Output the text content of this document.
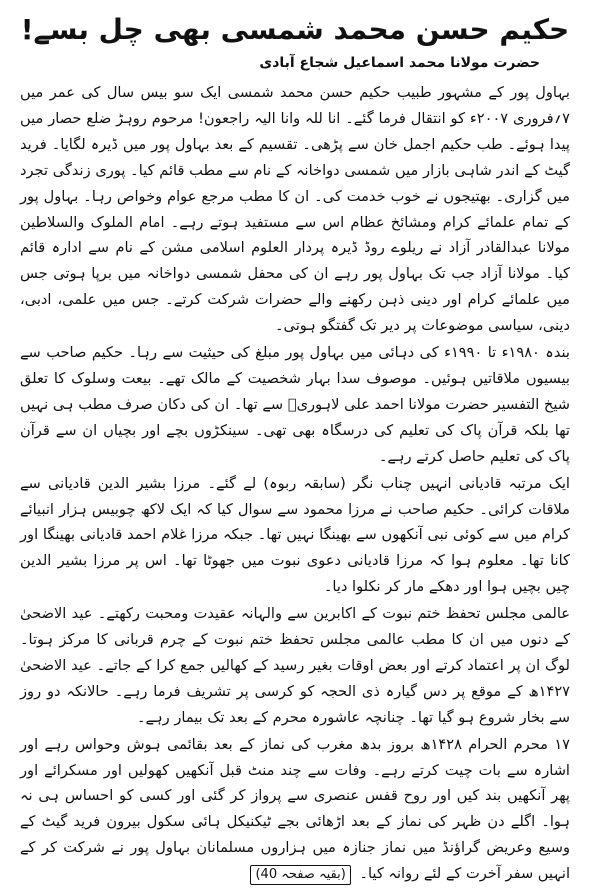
حکیم حسن محمد شمسی بھی چل بسے!
حضرت مولانا محمد اسماعیل شجاع آبادی

بہاول پور کے مشہور طبیب حکیم حسن محمد شمسی ایک سو بیس سال کی عمر میں ۷؍فروری ۲۰۰۷ء کو انتقال فرما گئے۔ انا للہ وانا الیہ راجعون! مرحوم روہڑ ضلع حصار میں پیدا ہوئے۔ طب حکیم اجمل خان سے پڑھی۔ تقسیم کے بعد بہاول پور میں ڈیرہ لگایا۔ فرید گیٹ کے اندر شاہی بازار میں شمسی دواخانہ کے نام سے مطب قائم کیا۔ پوری زندگی تجرد میں گزاری۔ بھتیجوں نے خوب خدمت کی۔ ان کا مطب مرجع عوام وخواص رہا۔ بہاول پور کے تمام علمائے کرام ومشائخ عظام اس سے مستفید ہوتے رہے۔ امام الملوک والسلاطین مولانا عبدالقادر آزاد نے ریلوے روڈ ڈیرہ پردار العلوم اسلامی مشن کے نام سے ادارہ قائم کیا۔ مولانا آزاد جب تک بہاول پور رہے ان کی محفل شمسی دواخانہ میں برپا ہوتی جس میں علمائے کرام اور دینی ذہن رکھنے والے حضرات شرکت کرتے۔ جس میں علمی، ادبی، دینی، سیاسی موضوعات پر دیر تک گفتگو ہوتی۔

بندہ ۱۹۸۰ء تا ۱۹۹۰ء کی دہائی میں بہاول پور مبلغ کی حیثیت سے رہا۔ حکیم صاحب سے بیسیوں ملاقاتیں ہوئیں۔ موصوف سدا بہار شخصیت کے مالک تھے۔ بیعت وسلوک کا تعلق شیخ التفسیر حضرت مولانا احمد علی لاہوریؒ سے تھا۔ ان کی دکان صرف مطب ہی نہیں تھا بلکہ قرآن پاک کی تعلیم کی درسگاہ بھی تھی۔ سینکڑوں بچے اور بچیاں ان سے قرآن پاک کی تعلیم حاصل کرتے رہے۔

ایک مرتبہ قادیانی انہیں چناب نگر (سابقہ ربوہ) لے گئے۔ مرزا بشیر الدین قادیانی سے ملاقات کرائی۔ حکیم صاحب نے مرزا محمود سے سوال کیا کہ ایک لاکھ چوبیس ہزار انبیائے کرام میں سے کوئی نبی آنکھوں سے بھینگا نہیں تھا۔ جبکہ مرزا غلام احمد قادیانی بھینگا اور کانا تھا۔ معلوم ہوا کہ مرزا قادیانی دعوی نبوت میں جھوٹا تھا۔ اس پر مرزا بشیر الدین چیں بچیں ہوا اور دھکے مار کر نکلوا دیا۔

عالمی مجلس تحفظ ختم نبوت کے اکابرین سے والہانہ عقیدت ومحبت رکھتے۔ عید الاضحیٰ کے دنوں میں ان کا مطب عالمی مجلس تحفظ ختم نبوت کے چرم قربانی کا مرکز ہوتا۔ لوگ ان پر اعتماد کرتے اور بعض اوقات بغیر رسید کے کھالیں جمع کرا کے جاتے۔ عید الاضحیٰ ۱۴۲۷ھ کے موقع پر دس گیارہ ذی الحجہ کو کرسی پر تشریف فرما رہے۔ حالانکہ دو روز سے بخار شروع ہو گیا تھا۔ چنانچہ عاشورہ محرم کے بعد تک بیمار رہے۔

۱۷ محرم الحرام ۱۴۲۸ھ بروز بدھ مغرب کی نماز کے بعد بقائمی ہوش وحواس رہے اور اشارہ سے بات چیت کرتے رہے۔ وفات سے چند منٹ قبل آنکھیں کھولیں اور مسکرائے اور پھر آنکھیں بند کیں اور روح قفس عنصری سے پرواز کر گئی اور کسی کو احساس ہی نہ ہوا۔ اگلے دن ظہر کی نماز کے بعد اڑھائی بجے ٹیکنیکل ہائی سکول بیرون فرید گیٹ کے وسیع وعریض گراؤنڈ میں نماز جنازہ میں ہزاروں مسلمانان بہاول پور نے شرکت کر کے انہیں سفر آخرت کے لئے روانہ کیا۔ (بقیہ صفحہ 40)
